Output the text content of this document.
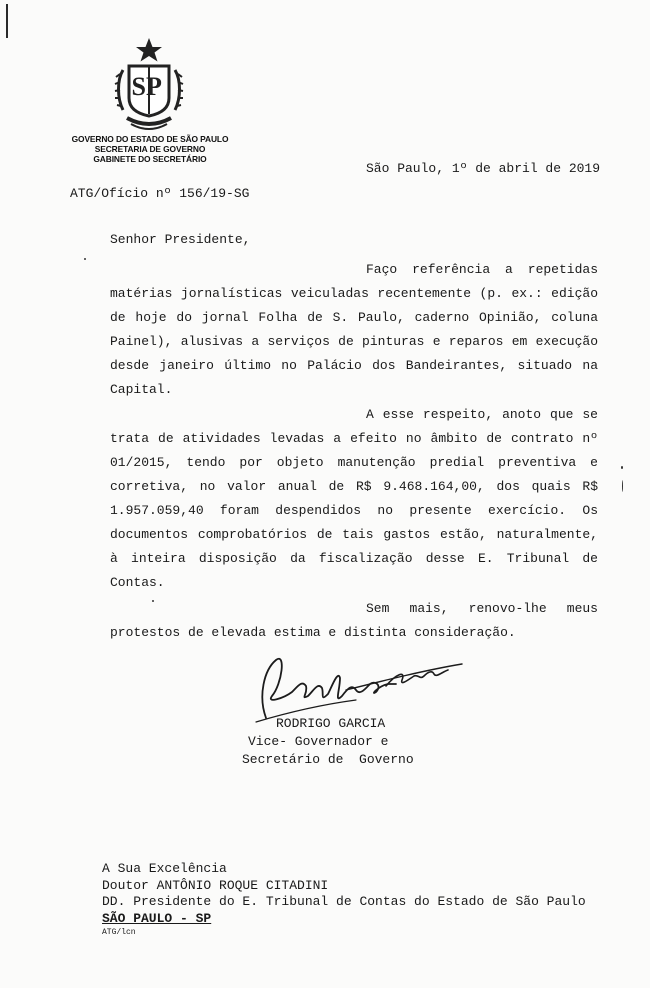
SP
GOVERNO DO ESTADO DE SÃO PAULO
SECRETARIA DE GOVERNO
GABINETE DO SECRETÁRIO
São Paulo, 1º de abril de 2019
ATG/Ofício nº 156/19-SG
Senhor Presidente,
Faço referência a repetidas matérias jornalísticas veiculadas recentemente (p. ex.: edição de hoje do jornal Folha de S. Paulo, caderno Opinião, coluna Painel), alusivas a serviços de pinturas e reparos em execução desde janeiro último no Palácio dos Bandeirantes, situado na Capital.
A esse respeito, anoto que se trata de atividades levadas a efeito no âmbito de contrato nº 01/2015, tendo por objeto manutenção predial preventiva e corretiva, no valor anual de R$ 9.468.164,00, dos quais R$ 1.957.059,40 foram despendidos no presente exercício. Os documentos comprobatórios de tais gastos estão, naturalmente, à inteira disposição da fiscalização desse E. Tribunal de Contas.
Sem mais, renovo-lhe meus protestos de elevada estima e distinta consideração.
RODRIGO GARCIA
Vice- Governador e
Secretário de  Governo
A Sua Excelência
Doutor ANTÔNIO ROQUE CITADINI
DD. Presidente do E. Tribunal de Contas do Estado de São Paulo
SÃO PAULO - SP
ATG/lcn
